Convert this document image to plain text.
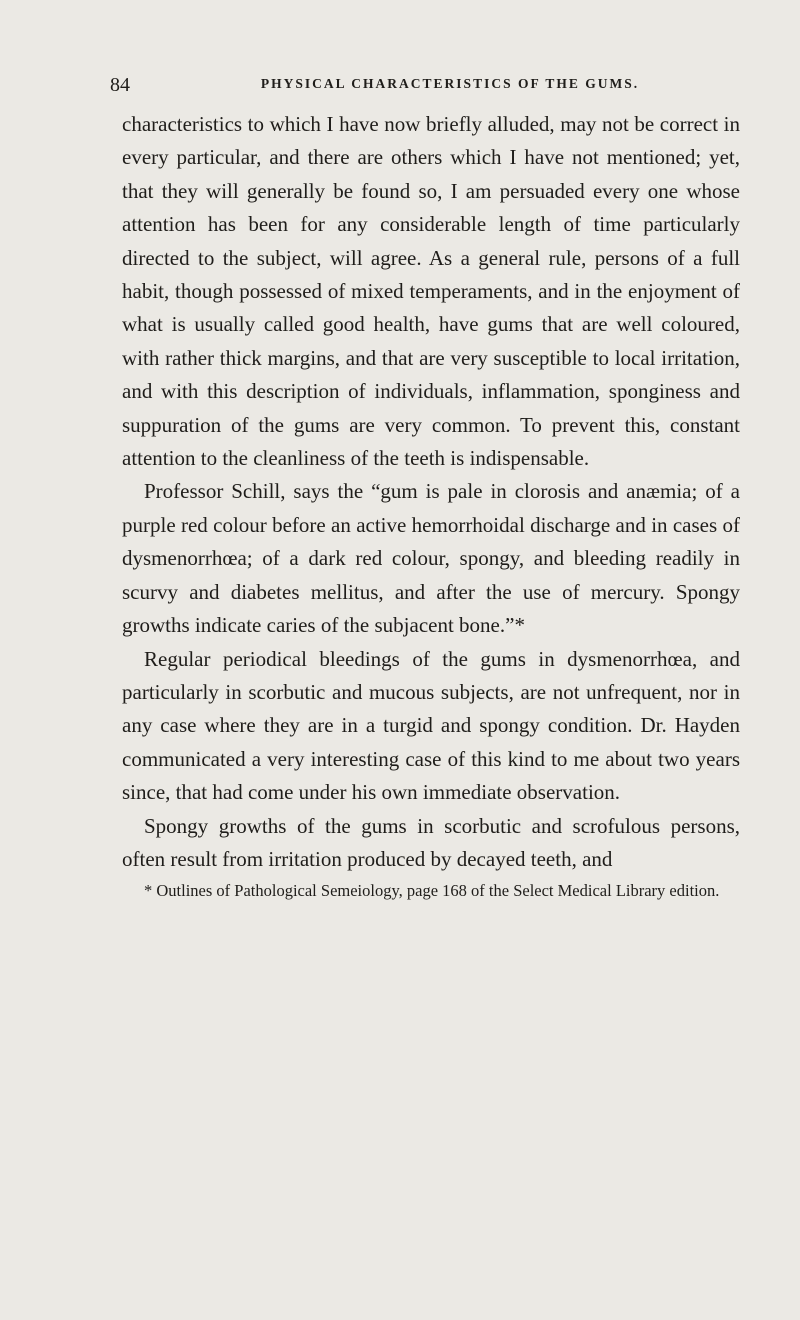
84	PHYSICAL CHARACTERISTICS OF THE GUMS.

characteristics to which I have now briefly alluded, may not be correct in every particular, and there are others which I have not mentioned; yet, that they will generally be found so, I am persuaded every one whose attention has been for any considerable length of time particularly directed to the subject, will agree. As a general rule, persons of a full habit, though possessed of mixed temperaments, and in the enjoyment of what is usually called good health, have gums that are well coloured, with rather thick margins, and that are very susceptible to local irritation, and with this description of individuals, inflammation, sponginess and suppuration of the gums are very common. To prevent this, constant attention to the cleanliness of the teeth is indispensable.

Professor Schill, says the “gum is pale in clorosis and anæmia; of a purple red colour before an active hemorrhoidal discharge and in cases of dysmenorrhœa; of a dark red colour, spongy, and bleeding readily in scurvy and diabetes mellitus, and after the use of mercury. Spongy growths indicate caries of the subjacent bone.”*

Regular periodical bleedings of the gums in dysmenorrhœa, and particularly in scorbutic and mucous subjects, are not unfrequent, nor in any case where they are in a turgid and spongy condition. Dr. Hayden communicated a very interesting case of this kind to me about two years since, that had come under his own immediate observation.

Spongy growths of the gums in scorbutic and scrofulous persons, often result from irritation produced by decayed teeth, and

* Outlines of Pathological Semeiology, page 168 of the Select Medical Library edition.
